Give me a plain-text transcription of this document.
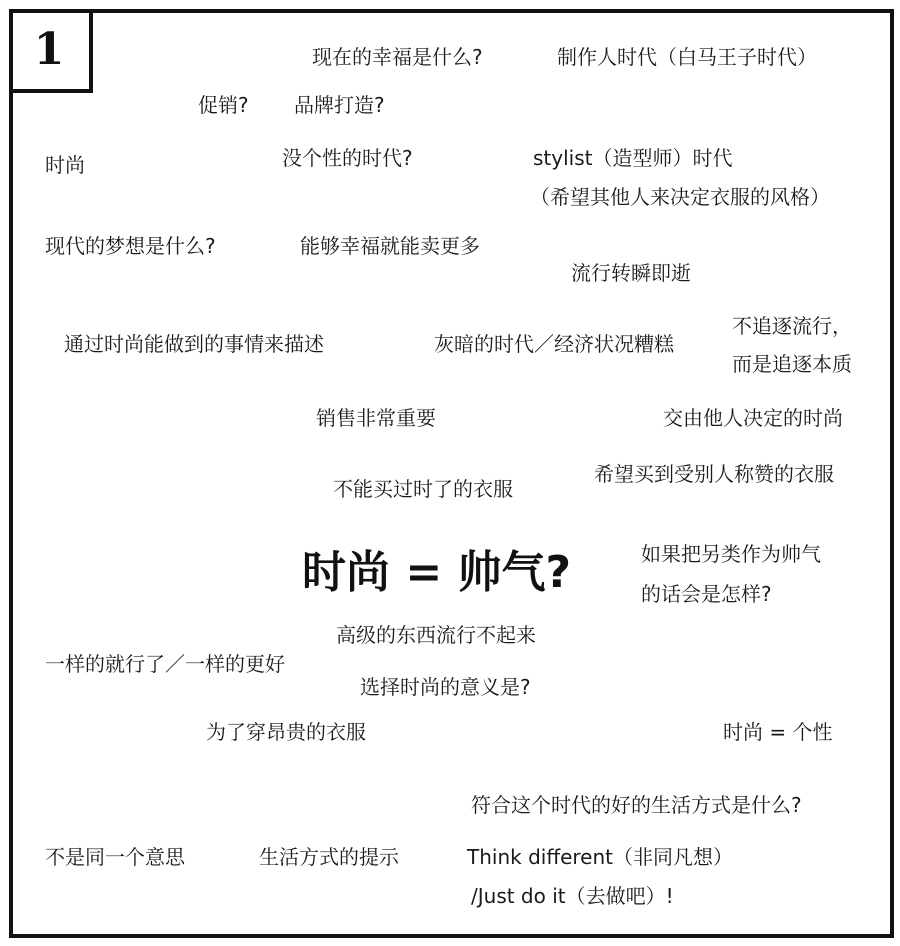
1	现在的幸福是什么?	制作人时代（白马王子时代）
促销? 品牌打造?
时尚	没个性的时代?	stylist（造型师）时代
（希望其他人来决定衣服的风格）
现代的梦想是什么?	能够幸福就能卖更多
流行转瞬即逝
通过时尚能做到的事情来描述	灰暗的时代／经济状况糟糕
不追逐流行，
而是追逐本质
销售非常重要	交由他人决定的时尚
不能买过时了的衣服
希望买到受别人称赞的衣服
时尚 = 帅气?	如果把另类作为帅气
的话会是怎样?
高级的东西流行不起来
一样的就行了／一样的更好
选择时尚的意义是?
为了穿昂贵的衣服	时尚 = 个性
符合这个时代的好的生活方式是什么?
不是同一个意思	生活方式的提示	Think different（非同凡想）
/Just do it（去做吧）!
